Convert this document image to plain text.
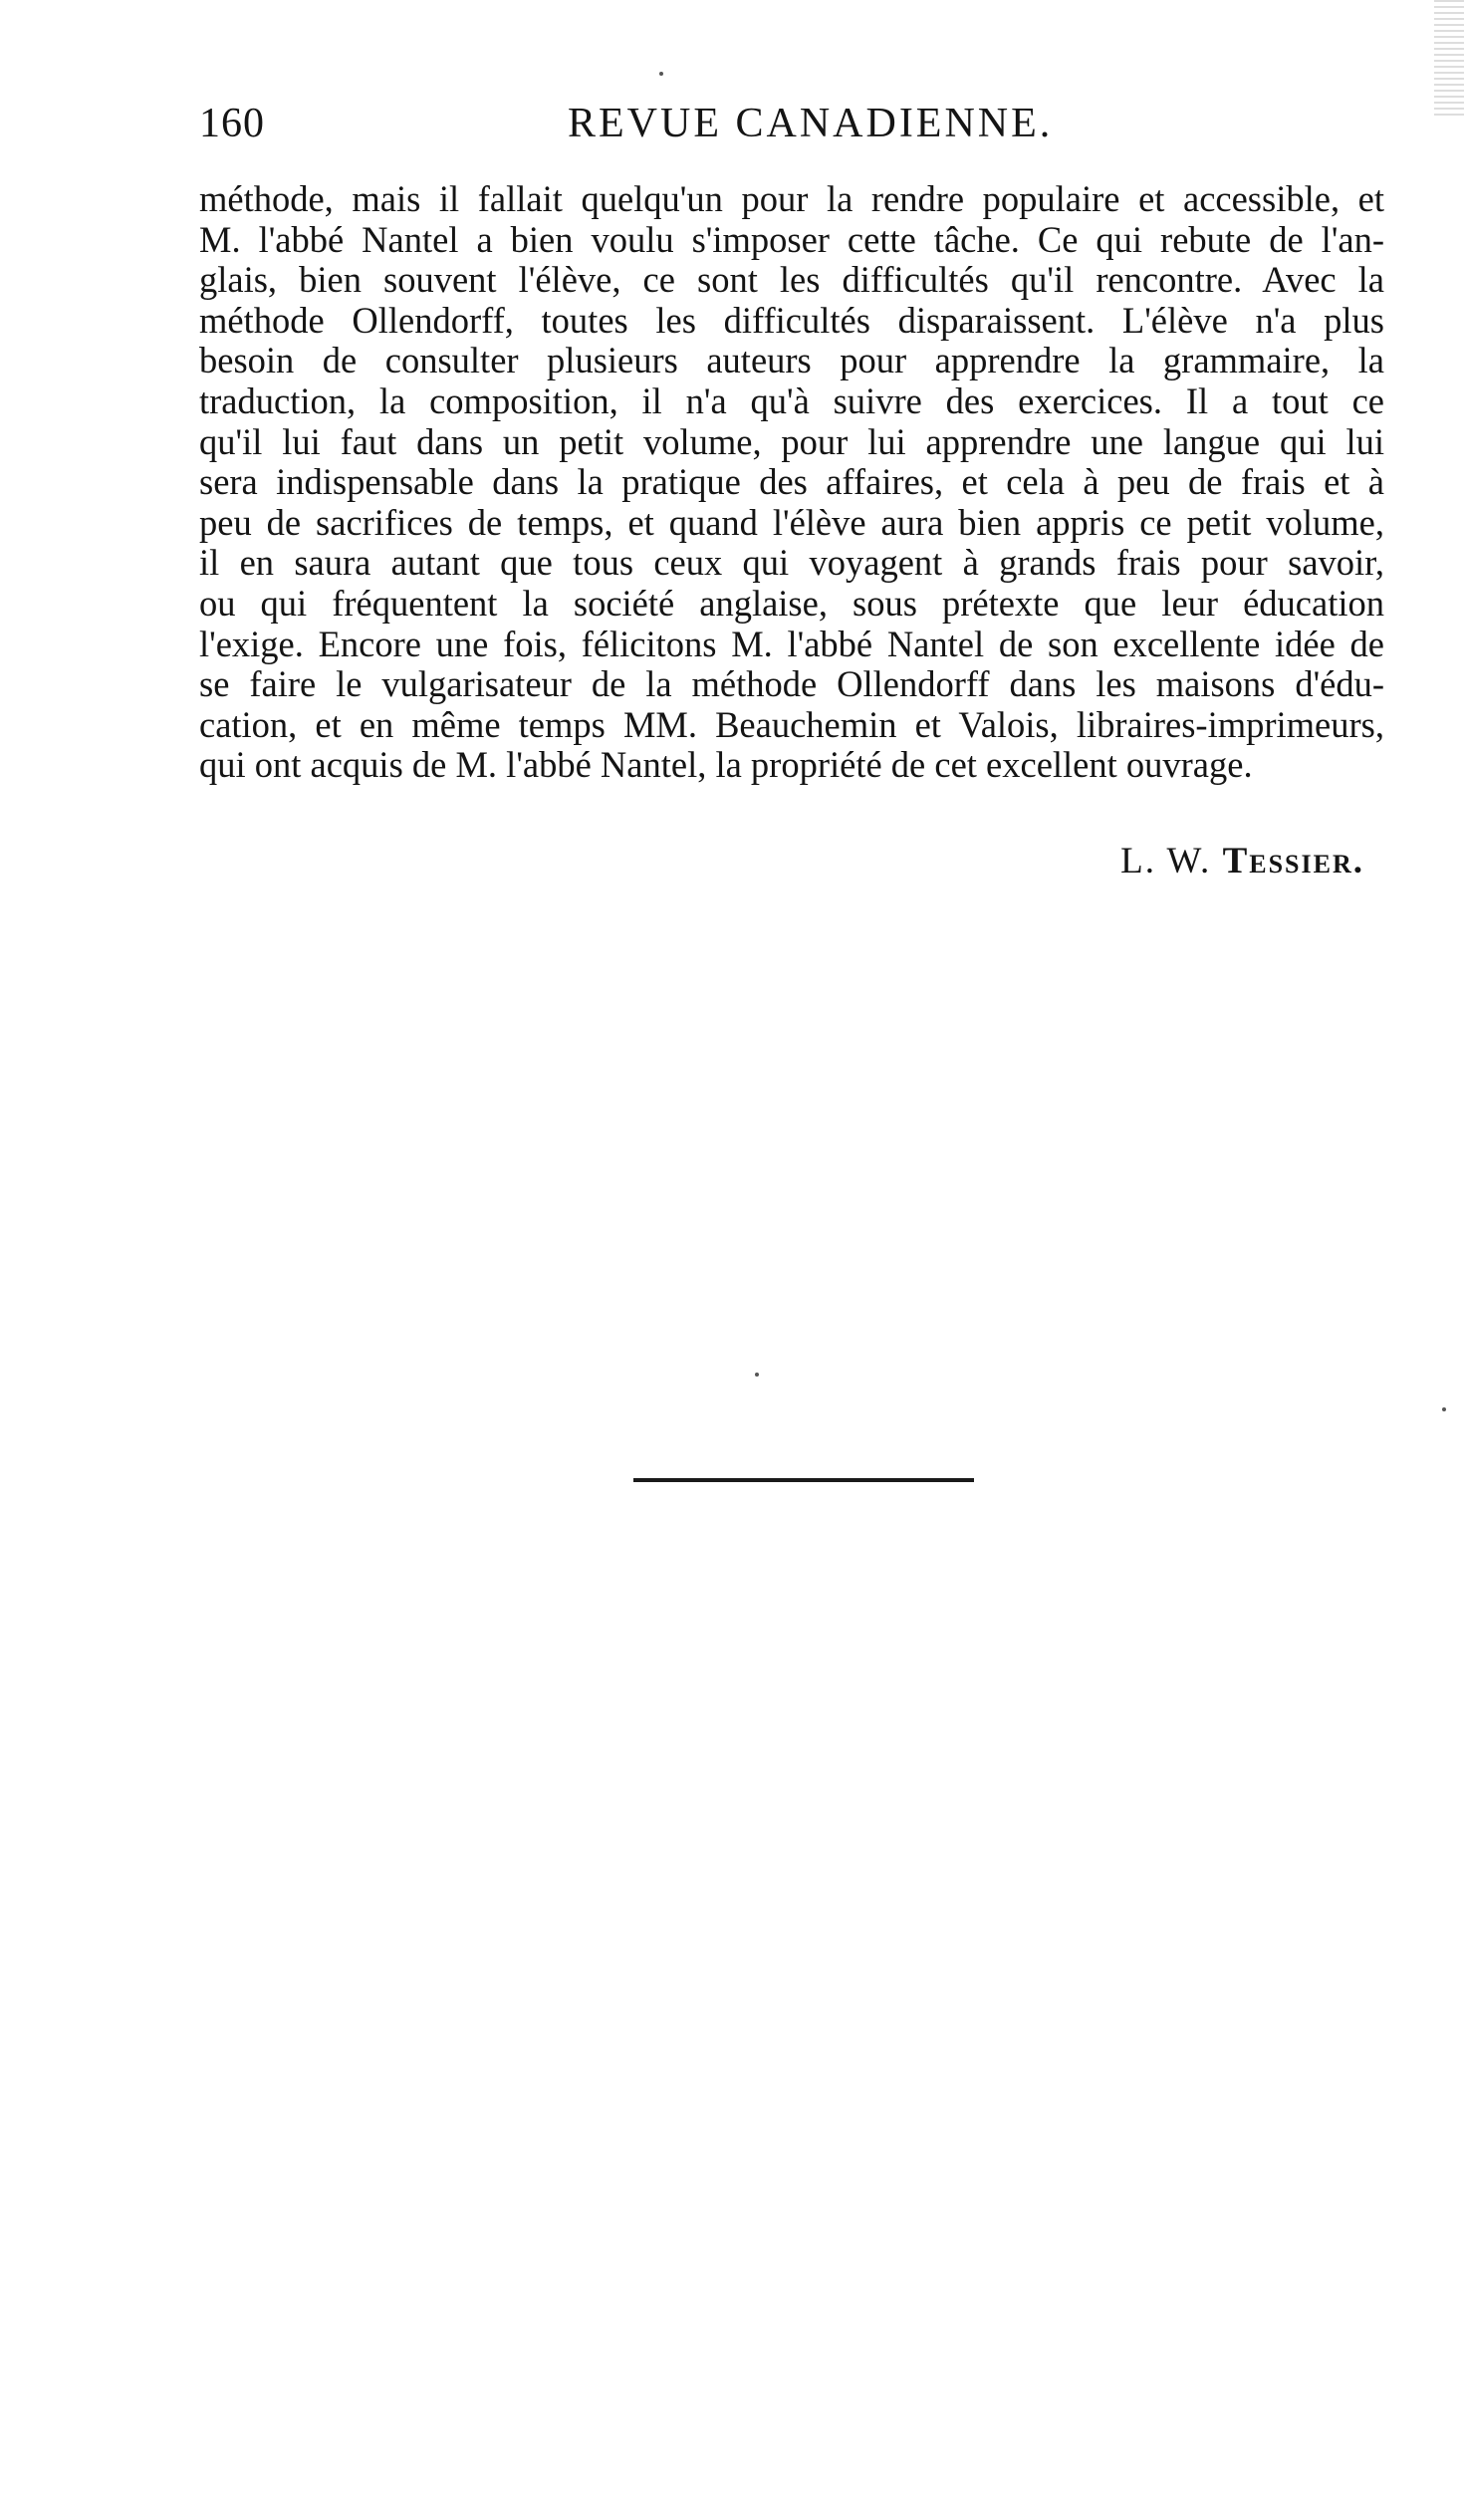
160	REVUE CANADIENNE.
méthode, mais il fallait quelqu'un pour la rendre populaire et accessible, et
M. l'abbé Nantel a bien voulu s'imposer cette tâche. Ce qui rebute de l'an-
glais, bien souvent l'élève, ce sont les difficultés qu'il rencontre. Avec la
méthode Ollendorff, toutes les difficultés disparaissent. L'élève n'a plus
besoin de consulter plusieurs auteurs pour apprendre la grammaire, la
traduction, la composition, il n'a qu'à suivre des exercices. Il a tout ce
qu'il lui faut dans un petit volume, pour lui apprendre une langue qui lui
sera indispensable dans la pratique des affaires, et cela à peu de frais et à
peu de sacrifices de temps, et quand l'élève aura bien appris ce petit volume,
il en saura autant que tous ceux qui voyagent à grands frais pour savoir,
ou qui fréquentent la société anglaise, sous prétexte que leur éducation
l'exige. Encore une fois, félicitons M. l'abbé Nantel de son excellente idée de
se faire le vulgarisateur de la méthode Ollendorff dans les maisons d'édu-
cation, et en même temps MM. Beauchemin et Valois, libraires-imprimeurs,
qui ont acquis de M. l'abbé Nantel, la propriété de cet excellent ouvrage.
L. W. Tessier.
